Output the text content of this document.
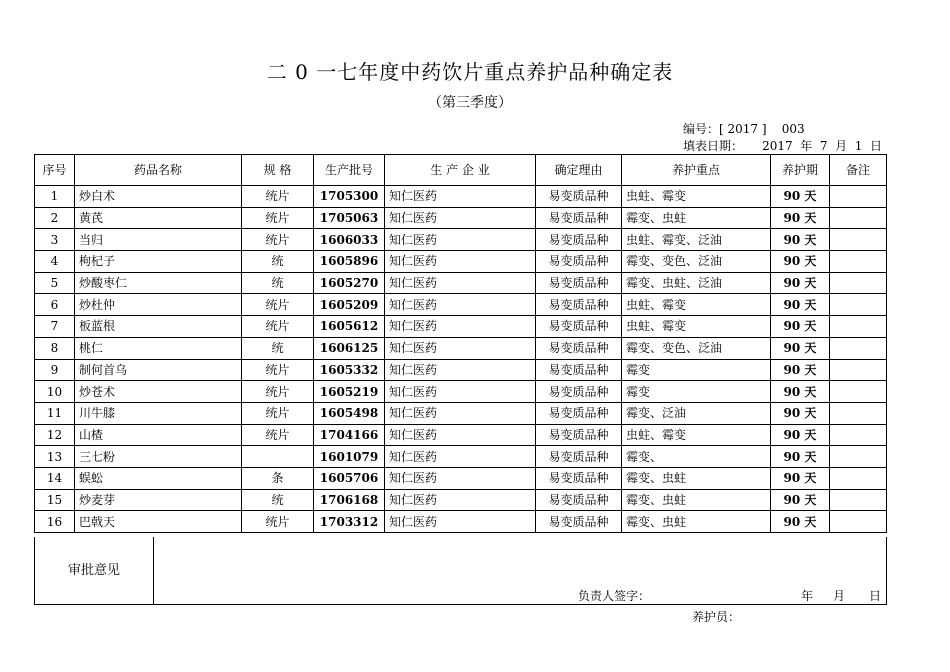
二 0 一七年度中药饮片重点养护品种确定表
（第三季度）
编号：[ 2017 ]    003
填表日期：     2017  年  7  月  1  日
序号	药品名称	规 格	生产批号	生 产 企 业	确定理由	养护重点	养护期	备注
1	炒白术	统片	1705300	知仁医药	易变质品种	虫蛀、霉变	90 天	
2	黄芪	统片	1705063	知仁医药	易变质品种	霉变、虫蛀	90 天	
3	当归	统片	1606033	知仁医药	易变质品种	虫蛀、霉变、泛油	90 天	
4	枸杞子	统	1605896	知仁医药	易变质品种	霉变、变色、泛油	90 天	
5	炒酸枣仁	统	1605270	知仁医药	易变质品种	霉变、虫蛀、泛油	90 天	
6	炒杜仲	统片	1605209	知仁医药	易变质品种	虫蛀、霉变	90 天	
7	板蓝根	统片	1605612	知仁医药	易变质品种	虫蛀、霉变	90 天	
8	桃仁	统	1606125	知仁医药	易变质品种	霉变、变色、泛油	90 天	
9	制何首乌	统片	1605332	知仁医药	易变质品种	霉变	90 天	
10	炒苍术	统片	1605219	知仁医药	易变质品种	霉变	90 天	
11	川牛膝	统片	1605498	知仁医药	易变质品种	霉变、泛油	90 天	
12	山楂	统片	1704166	知仁医药	易变质品种	虫蛀、霉变	90 天	
13	三七粉		1601079	知仁医药	易变质品种	霉变、	90 天	
14	蜈蚣	条	1605706	知仁医药	易变质品种	霉变、虫蛀	90 天	
15	炒麦芽	统	1706168	知仁医药	易变质品种	霉变、虫蛀	90 天	
16	巴戟天	统片	1703312	知仁医药	易变质品种	霉变、虫蛀	90 天	
审批意见
负责人签字：	年 月 日
养护员：
